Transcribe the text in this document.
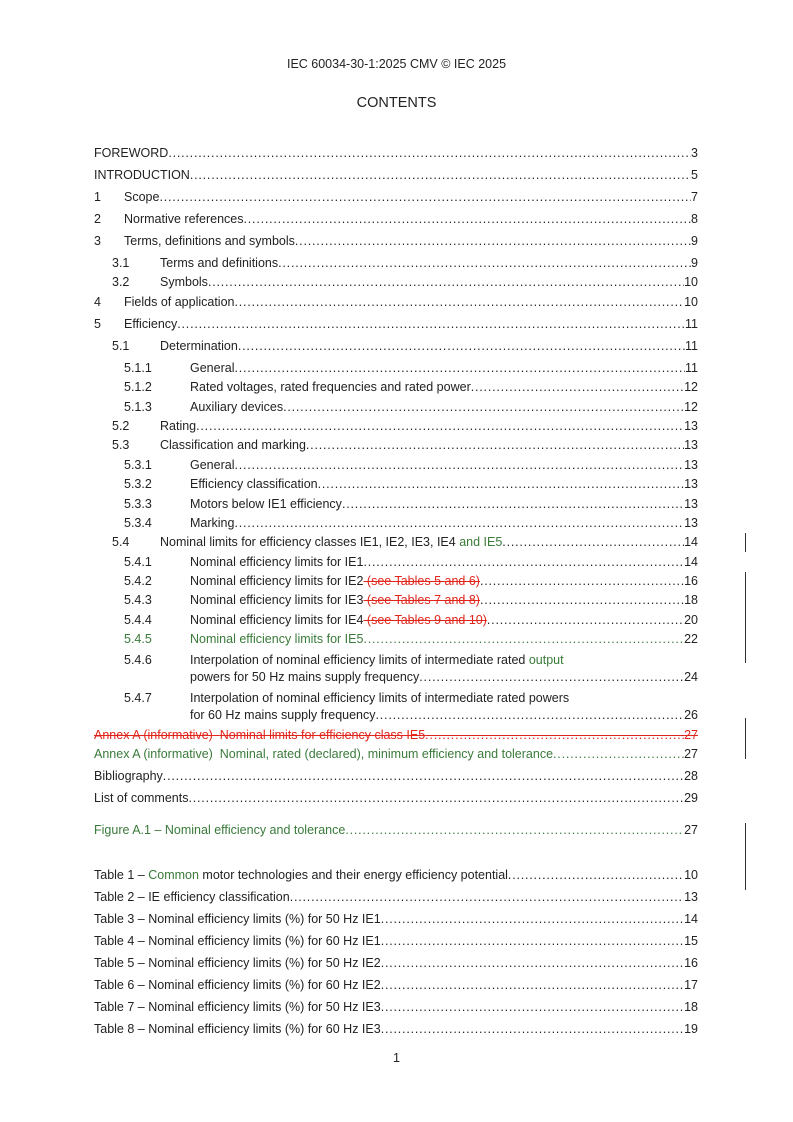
IEC 60034-30-1:2025 CMV © IEC 2025
CONTENTS
FOREWORD .....	3
INTRODUCTION .....	5
1	Scope .....	7
2	Normative references .....	8
3	Terms, definitions and symbols .....	9
3.1	Terms and definitions .....	9
3.2	Symbols .....	10
4	Fields of application .....	10
5	Efficiency .....	11
5.1	Determination .....	11
5.1.1	General .....	11
5.1.2	Rated voltages, rated frequencies and rated power .....	12
5.1.3	Auxiliary devices .....	12
5.2	Rating .....	13
5.3	Classification and marking .....	13
5.3.1	General .....	13
5.3.2	Efficiency classification .....	13
5.3.3	Motors below IE1 efficiency .....	13
5.3.4	Marking .....	13
5.4	Nominal limits for efficiency classes IE1, IE2, IE3, IE4 and IE5 .....	14
5.4.1	Nominal efficiency limits for IE1 .....	14
5.4.2	Nominal efficiency limits for IE2 (see Tables 5 and 6) .....	16
5.4.3	Nominal efficiency limits for IE3 (see Tables 7 and 8) .....	18
5.4.4	Nominal efficiency limits for IE4 (see Tables 9 and 10) .....	20
5.4.5	Nominal efficiency limits for IE5 .....	22
5.4.6	Interpolation of nominal efficiency limits of intermediate rated output
powers for 50 Hz mains supply frequency .....	24
5.4.7	Interpolation of nominal efficiency limits of intermediate rated powers
for 60 Hz mains supply frequency .....	26
Annex A (informative) Nominal limits for efficiency class IE5 .....	27
Annex A (informative) Nominal, rated (declared), minimum efficiency and tolerance .....	27
Bibliography .....	28
List of comments .....	29
Figure A.1 – Nominal efficiency and tolerance .....	27
Table 1 – Common motor technologies and their energy efficiency potential .....	10
Table 2 – IE efficiency classification .....	13
Table 3 – Nominal efficiency limits (%) for 50 Hz IE1 .....	14
Table 4 – Nominal efficiency limits (%) for 60 Hz IE1 .....	15
Table 5 – Nominal efficiency limits (%) for 50 Hz IE2 .....	16
Table 6 – Nominal efficiency limits (%) for 60 Hz IE2 .....	17
Table 7 – Nominal efficiency limits (%) for 50 Hz IE3 .....	18
Table 8 – Nominal efficiency limits (%) for 60 Hz IE3 .....	19
1
